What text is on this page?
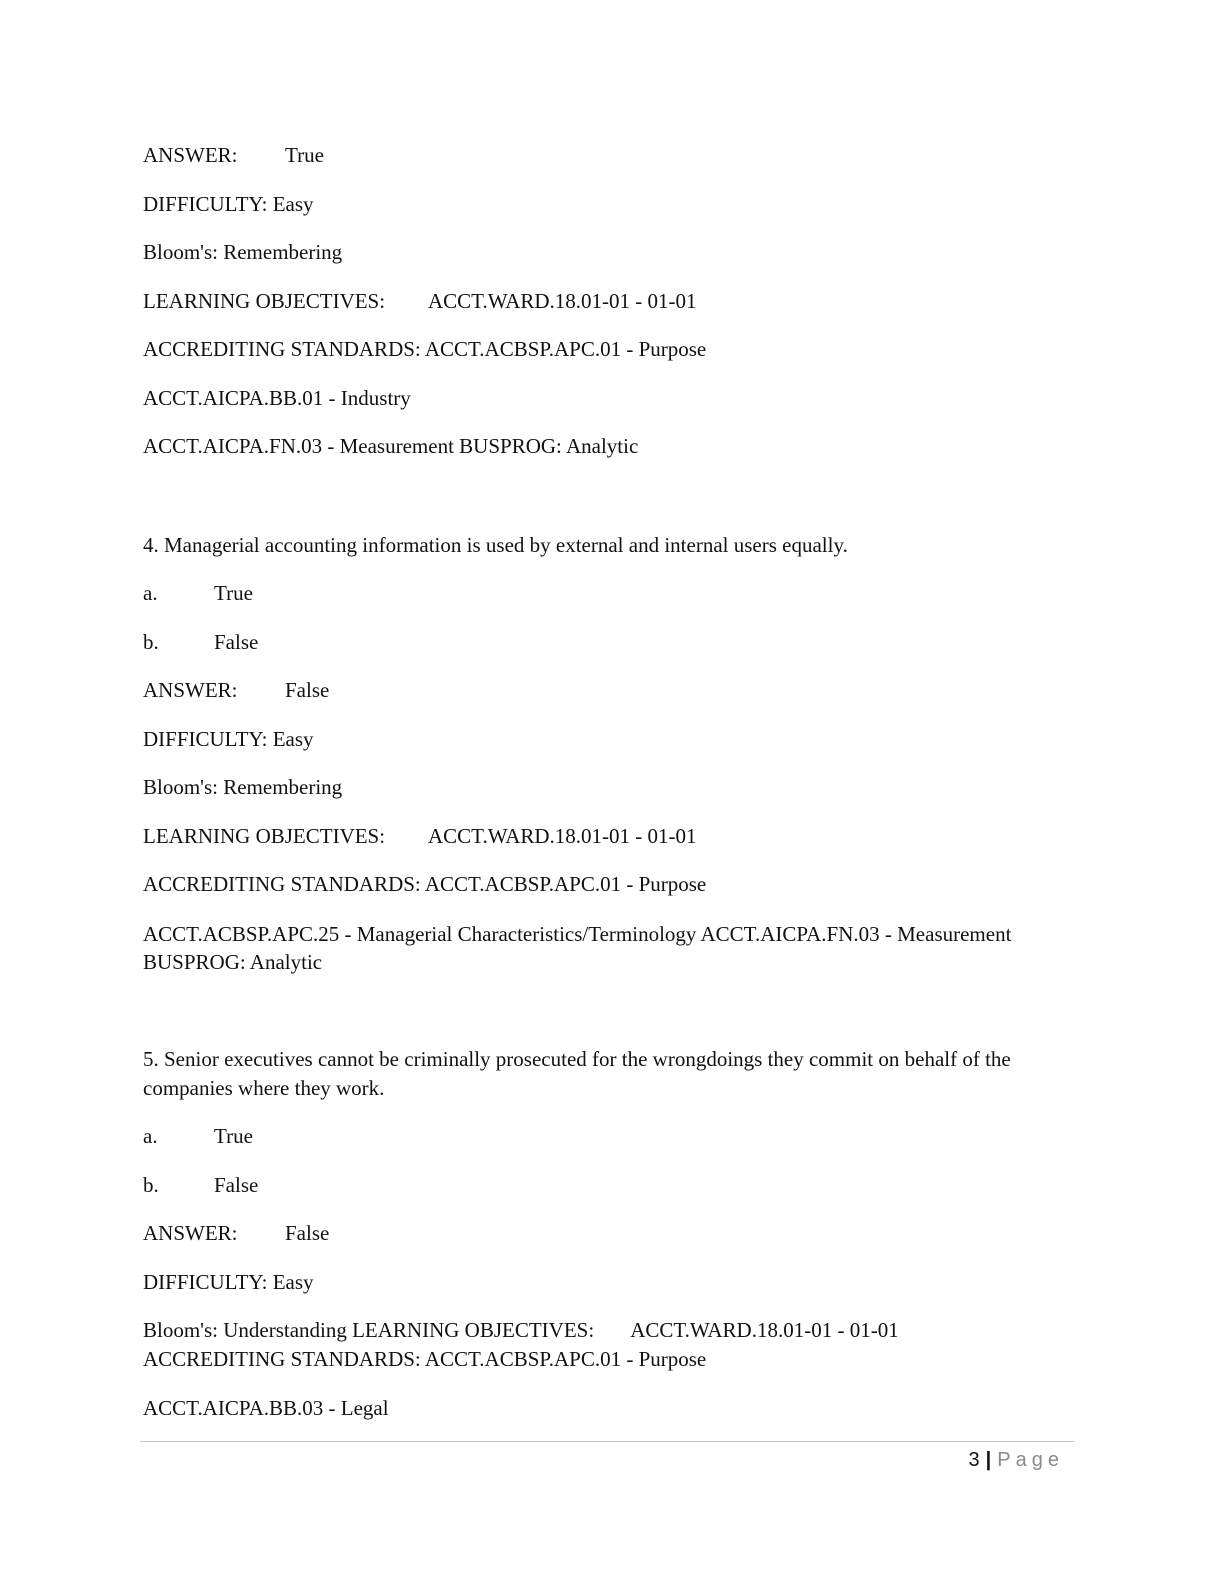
ANSWER: True
DIFFICULTY: Easy
Bloom's: Remembering
LEARNING OBJECTIVES: ACCT.WARD.18.01-01 - 01-01
ACCREDITING STANDARDS: ACCT.ACBSP.APC.01 - Purpose
ACCT.AICPA.BB.01 - Industry
ACCT.AICPA.FN.03 - Measurement BUSPROG: Analytic
4. Managerial accounting information is used by external and internal users equally.
a.	True
b.	False
ANSWER: False
DIFFICULTY: Easy
Bloom's: Remembering
LEARNING OBJECTIVES: ACCT.WARD.18.01-01 - 01-01
ACCREDITING STANDARDS: ACCT.ACBSP.APC.01 - Purpose
ACCT.ACBSP.APC.25 - Managerial Characteristics/Terminology ACCT.AICPA.FN.03 - Measurement
BUSPROG: Analytic
5. Senior executives cannot be criminally prosecuted for the wrongdoings they commit on behalf of the
companies where they work.
a.	True
b.	False
ANSWER: False
DIFFICULTY: Easy
Bloom's: Understanding LEARNING OBJECTIVES: ACCT.WARD.18.01-01 - 01-01
ACCREDITING STANDARDS: ACCT.ACBSP.APC.01 - Purpose
ACCT.AICPA.BB.03 - Legal
3 | Page
